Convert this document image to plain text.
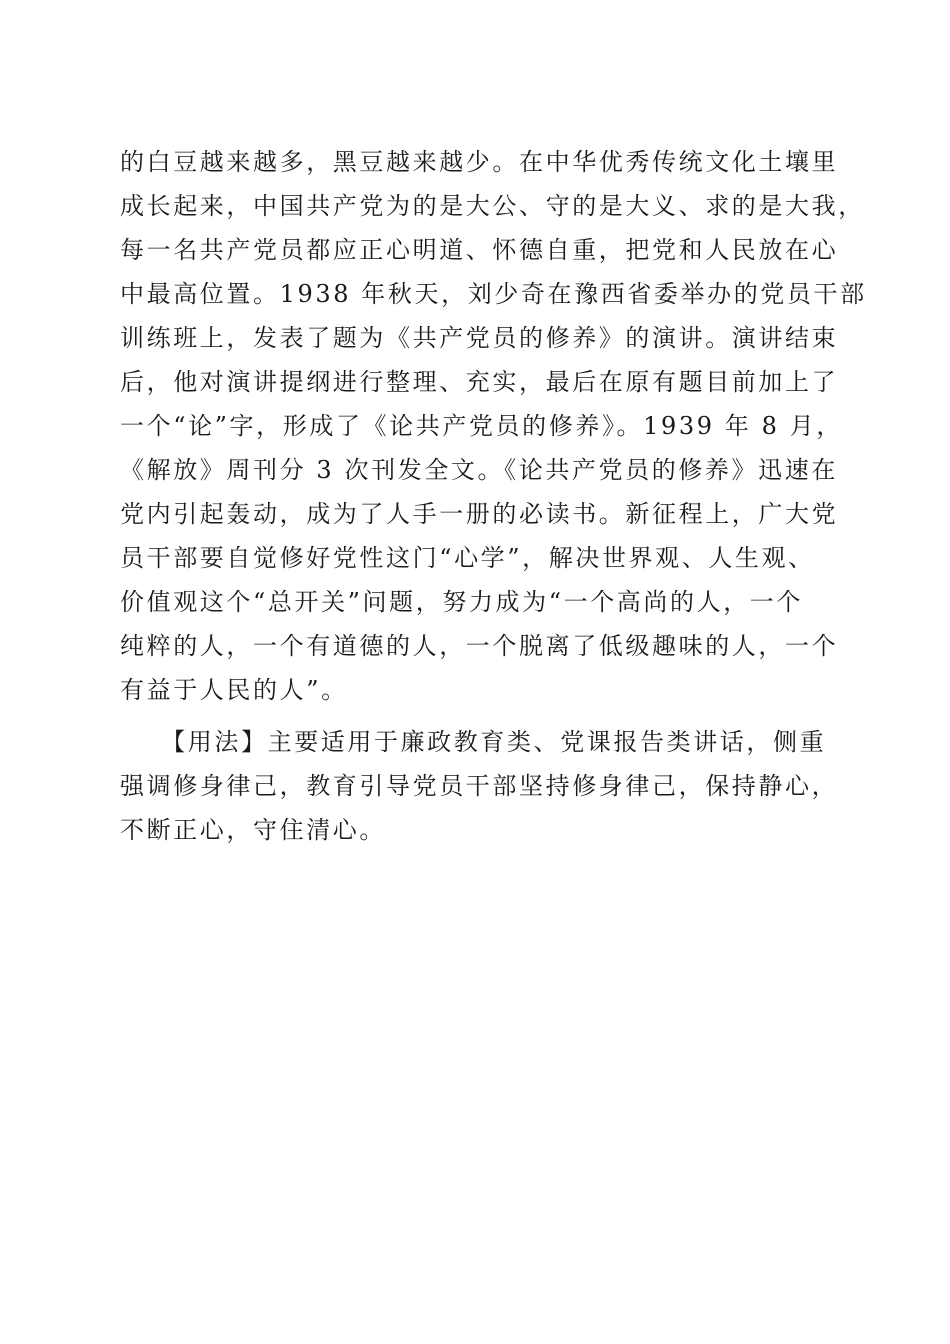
的白豆越来越多，黑豆越来越少。在中华优秀传统文化土壤里
成长起来，中国共产党为的是大公、守的是大义、求的是大我，
每一名共产党员都应正心明道、怀德自重，把党和人民放在心
中最高位置。1938 年秋天，刘少奇在豫西省委举办的党员干部
训练班上，发表了题为《共产党员的修养》的演讲。演讲结束
后，他对演讲提纲进行整理、充实，最后在原有题目前加上了
一个“论”字，形成了《论共产党员的修养》。1939 年 8 月，
《解放》周刊分 3 次刊发全文。《论共产党员的修养》迅速在
党内引起轰动，成为了人手一册的必读书。新征程上，广大党
员干部要自觉修好党性这门“心学”，解决世界观、人生观、
价值观这个“总开关”问题，努力成为“一个高尚的人，一个
纯粹的人，一个有道德的人，一个脱离了低级趣味的人，一个
有益于人民的人”。
　　【用法】主要适用于廉政教育类、党课报告类讲话，侧重
强调修身律己，教育引导党员干部坚持修身律己，保持静心，
不断正心，守住清心。
